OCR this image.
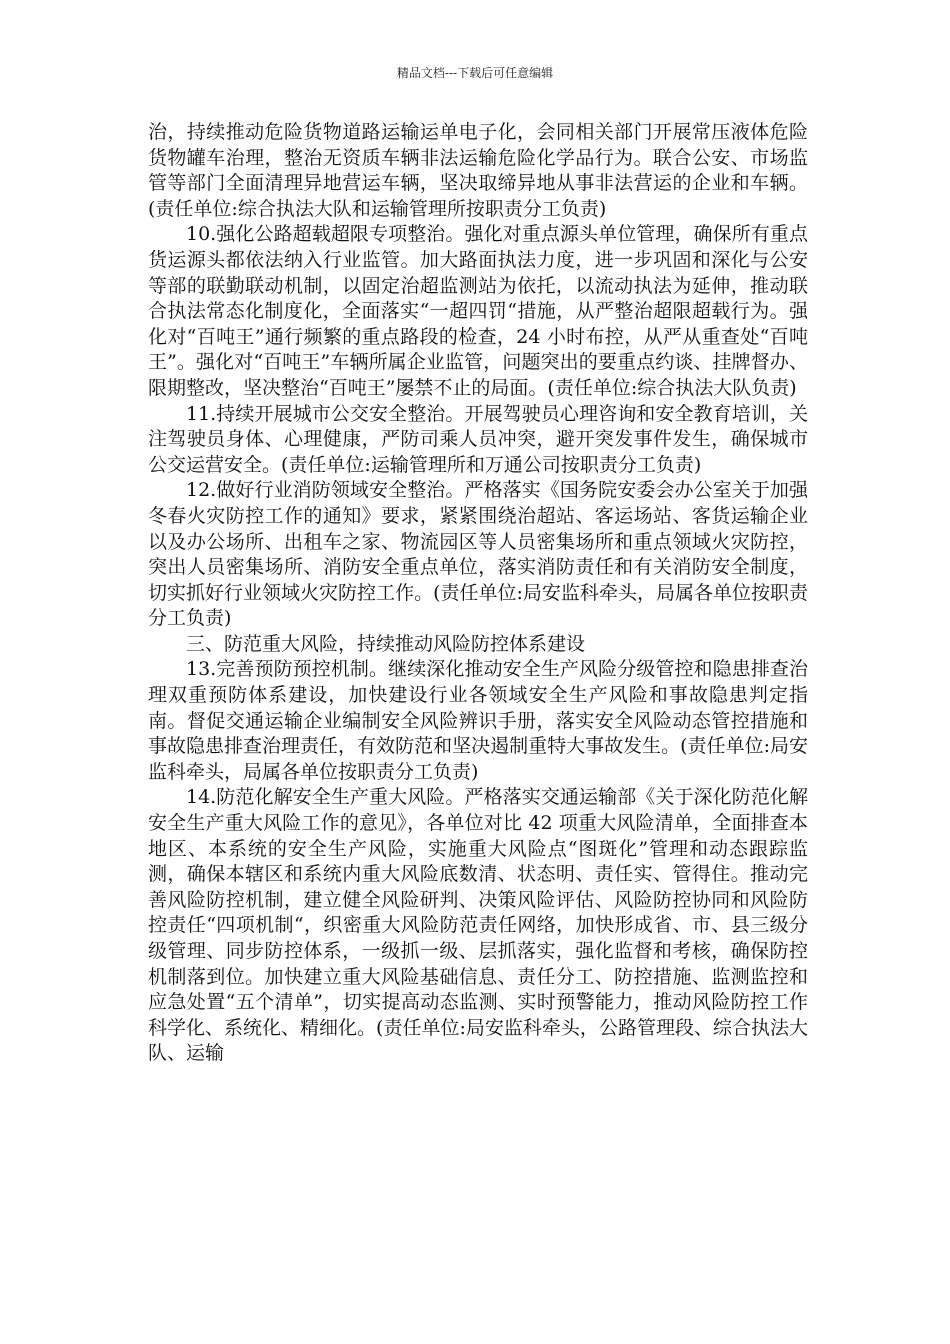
精品文档---下载后可任意编辑

治，持续推动危险货物道路运输运单电子化，会同相关部门开展常压液体危险货物罐车治理，整治无资质车辆非法运输危险化学品行为。联合公安、市场监管等部门全面清理异地营运车辆，坚决取缔异地从事非法营运的企业和车辆。(责任单位:综合执法大队和运输管理所按职责分工负责)

10.强化公路超载超限专项整治。强化对重点源头单位管理，确保所有重点货运源头都依法纳入行业监管。加大路面执法力度，进一步巩固和深化与公安等部的联勤联动机制，以固定治超监测站为依托，以流动执法为延伸，推动联合执法常态化制度化，全面落实“一超四罚“措施，从严整治超限超载行为。强化对“百吨王”通行频繁的重点路段的检查，24 小时布控，从严从重查处“百吨王”。强化对“百吨王”车辆所属企业监管，问题突出的要重点约谈、挂牌督办、限期整改，坚决整治“百吨王”屡禁不止的局面。(责任单位:综合执法大队负责)

11.持续开展城市公交安全整治。开展驾驶员心理咨询和安全教育培训，关注驾驶员身体、心理健康，严防司乘人员冲突，避开突发事件发生，确保城市公交运营安全。(责任单位:运输管理所和万通公司按职责分工负责)

12.做好行业消防领域安全整治。严格落实《国务院安委会办公室关于加强冬春火灾防控工作的通知》要求，紧紧围绕治超站、客运场站、客货运输企业以及办公场所、出租车之家、物流园区等人员密集场所和重点领域火灾防控，突出人员密集场所、消防安全重点单位，落实消防责任和有关消防安全制度，切实抓好行业领域火灾防控工作。(责任单位:局安监科牵头，局属各单位按职责分工负责)

三、防范重大风险，持续推动风险防控体系建设

13.完善预防预控机制。继续深化推动安全生产风险分级管控和隐患排查治理双重预防体系建设，加快建设行业各领域安全生产风险和事故隐患判定指南。督促交通运输企业编制安全风险辨识手册，落实安全风险动态管控措施和事故隐患排查治理责任，有效防范和坚决遏制重特大事故发生。(责任单位:局安监科牵头，局属各单位按职责分工负责)

14.防范化解安全生产重大风险。严格落实交通运输部《关于深化防范化解安全生产重大风险工作的意见》，各单位对比 42 项重大风险清单，全面排查本地区、本系统的安全生产风险，实施重大风险点“图斑化”管理和动态跟踪监测，确保本辖区和系统内重大风险底数清、状态明、责任实、管得住。推动完善风险防控机制，建立健全风险研判、决策风险评估、风险防控协同和风险防控责任“四项机制“，织密重大风险防范责任网络，加快形成省、市、县三级分级管理、同步防控体系，一级抓一级、层抓落实，强化监督和考核，确保防控机制落到位。加快建立重大风险基础信息、责任分工、防控措施、监测监控和应急处置“五个清单”，切实提高动态监测、实时预警能力，推动风险防控工作科学化、系统化、精细化。(责任单位:局安监科牵头，公路管理段、综合执法大队、运输
